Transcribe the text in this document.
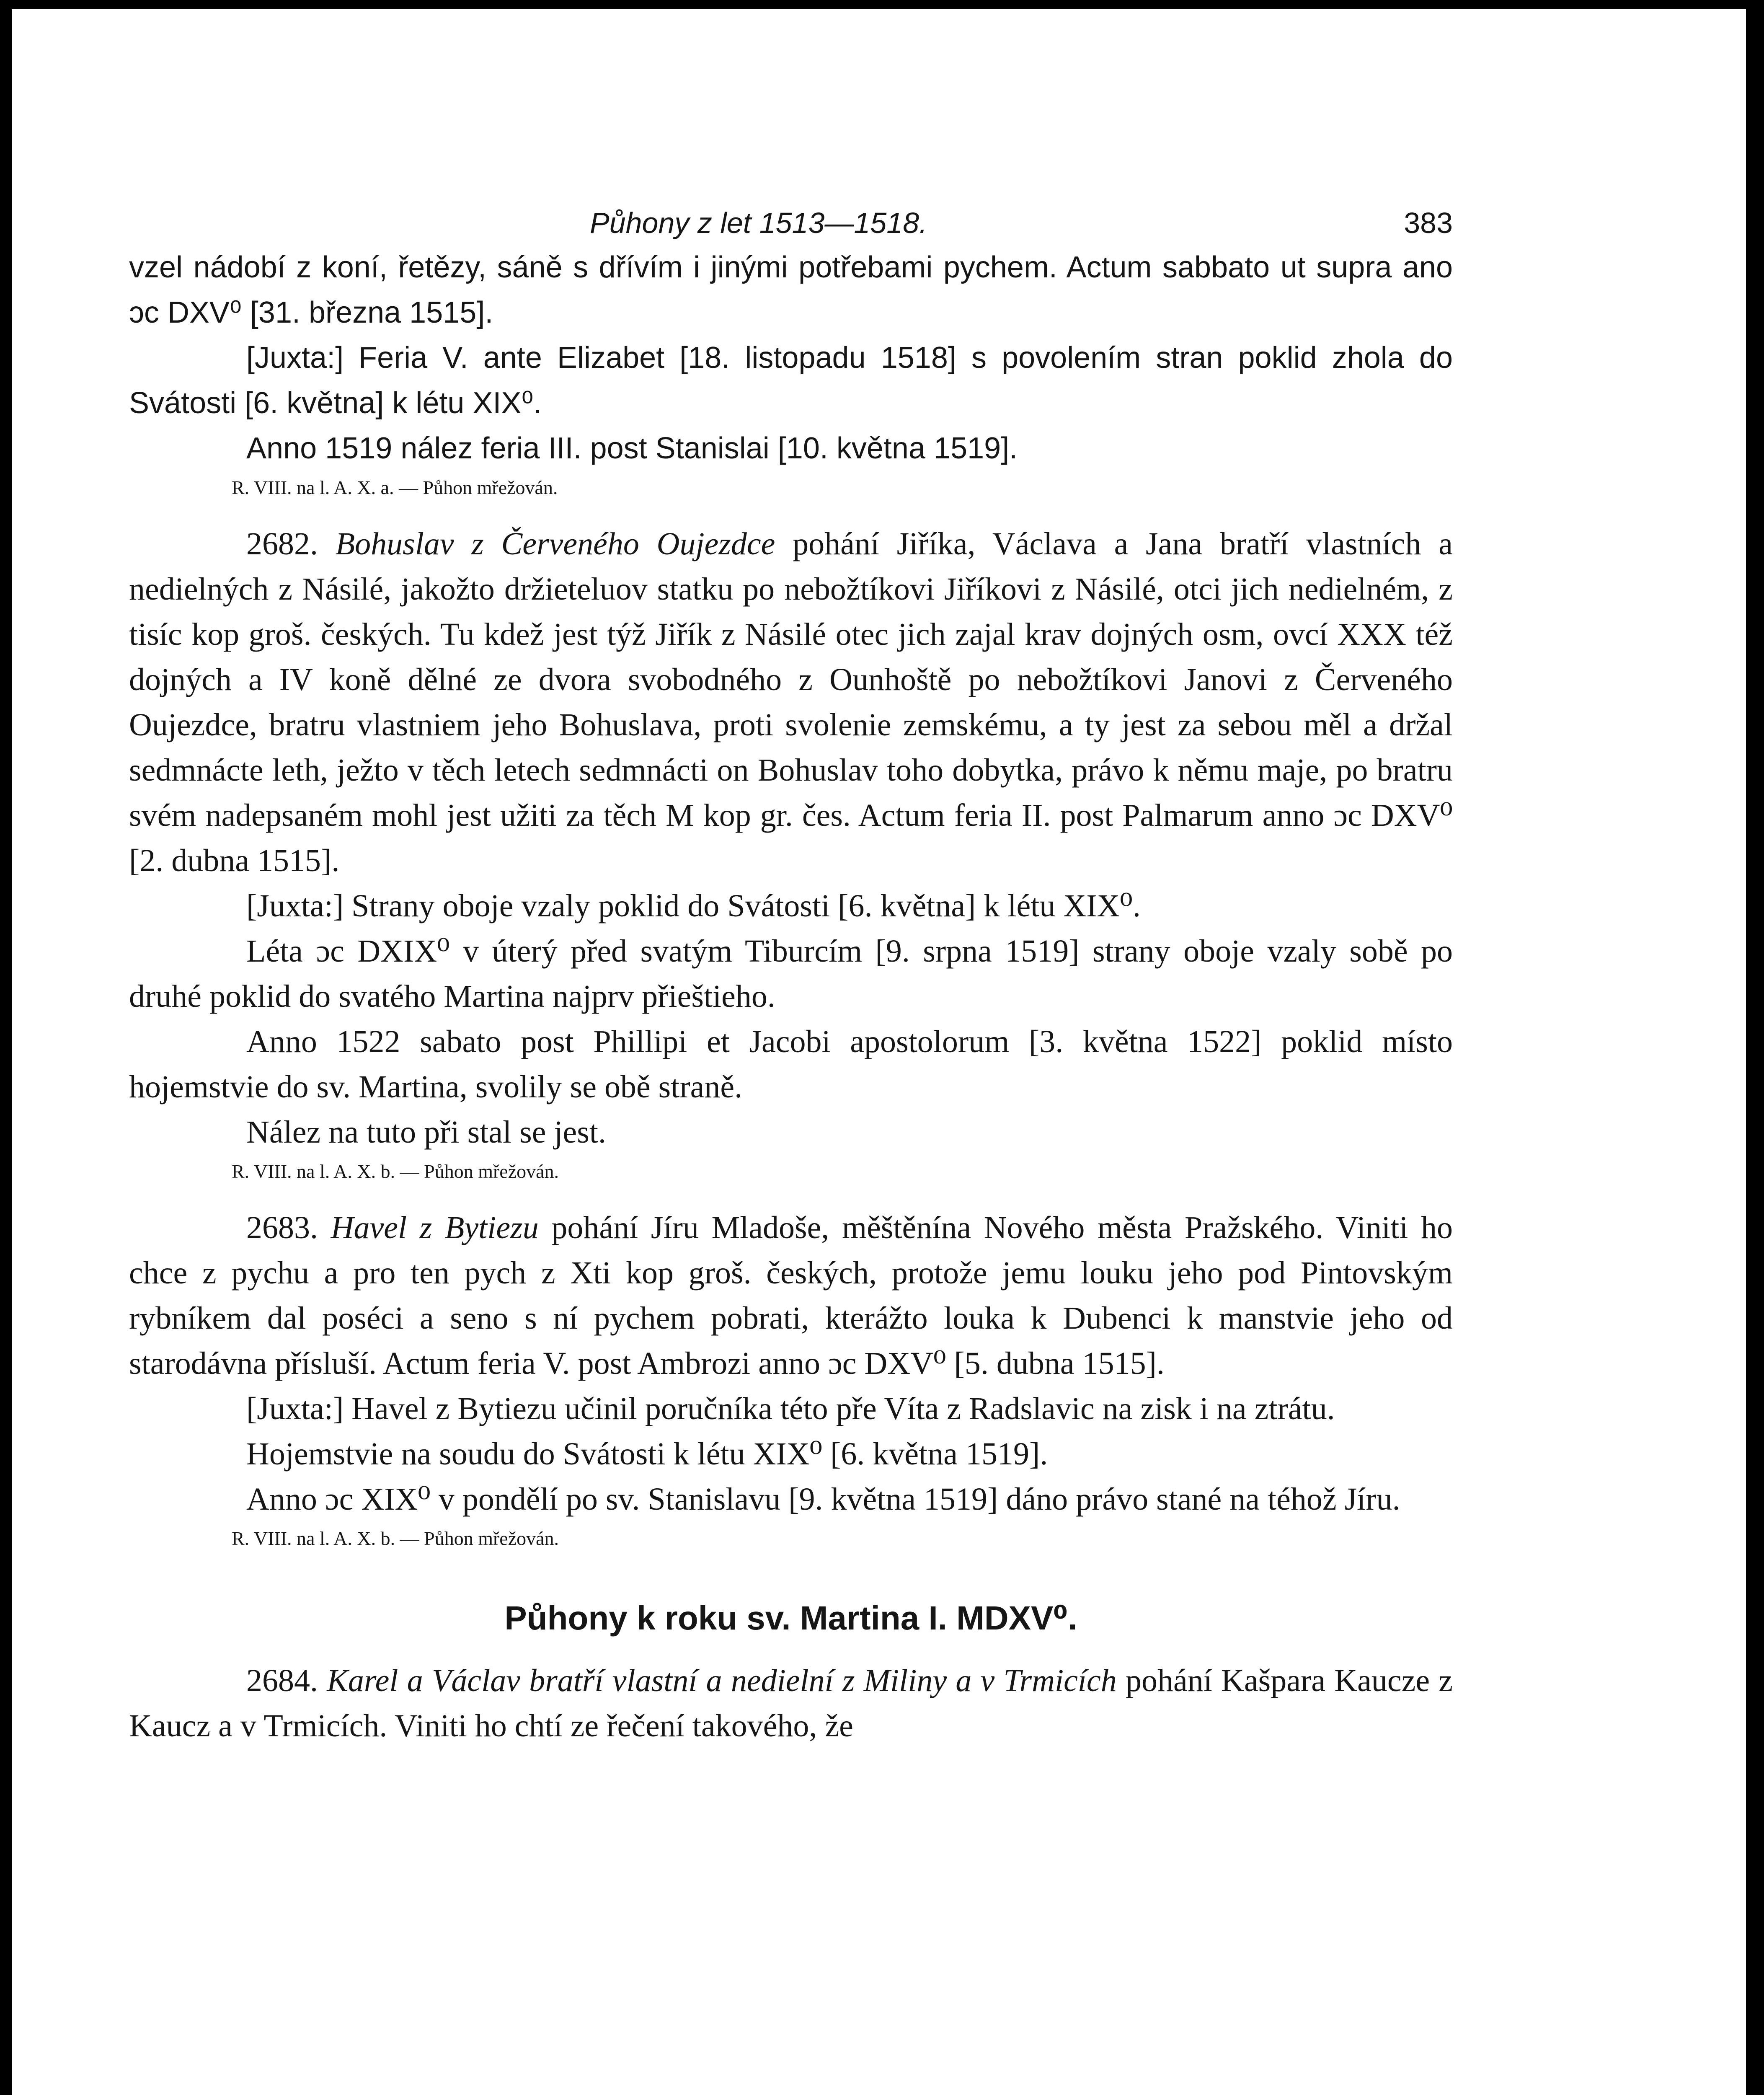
Půhony z let 1513—1518.	383

vzel nádobí z koní, řetězy, sáně s dřívím i jinými potřebami pychem. Actum sabbato ut supra ano ɔc DXV⁰ [31. března 1515].

[Juxta:] Feria V. ante Elizabet [18. listopadu 1518] s povolením stran poklid zhola do Svátosti [6. května] k létu XIX⁰.

Anno 1519 nález feria III. post Stanislai [10. května 1519].

R. VIII. na l. A. X. a. — Půhon mřežován.

2682. Bohuslav z Červeného Oujezdce pohání Jiříka, Václava a Jana bratří vlastních a nedielných z Násilé, jakožto držieteluov statku po nebožtíkovi Jiříkovi z Násilé, otci jich nedielném, z tisíc kop groš. českých. Tu kdež jest týž Jiřík z Násilé otec jich zajal krav dojných osm, ovcí XXX též dojných a IV koně dělné ze dvora svobodného z Ounhoště po nebožtíkovi Janovi z Červeného Oujezdce, bratru vlastniem jeho Bohuslava, proti svolenie zemskému, a ty jest za sebou měl a držal sedmnácte leth, ježto v těch letech sedmnácti on Bohuslav toho dobytka, právo k němu maje, po bratru svém nadepsaném mohl jest užiti za těch M kop gr. čes. Actum feria II. post Palmarum anno ɔc DXV⁰ [2. dubna 1515].

[Juxta:] Strany oboje vzaly poklid do Svátosti [6. května] k létu XIX⁰.

Léta ɔc DXIX⁰ v úterý před svatým Tiburcím [9. srpna 1519] strany oboje vzaly sobě po druhé poklid do svatého Martina najprv přieštieho.

Anno 1522 sabato post Phillipi et Jacobi apostolorum [3. května 1522] poklid místo hojemstvie do sv. Martina, svolily se obě straně.

Nález na tuto při stal se jest.

R. VIII. na l. A. X. b. — Půhon mřežován.

2683. Havel z Bytiezu pohání Jíru Mladoše, měštěnína Nového města Pražského. Viniti ho chce z pychu a pro ten pych z Xti kop groš. českých, protože jemu louku jeho pod Pintovským rybníkem dal poséci a seno s ní pychem pobrati, kterážto louka k Dubenci k manstvie jeho od starodávna přísluší. Actum feria V. post Ambrozi anno ɔc DXV⁰ [5. dubna 1515].

[Juxta:] Havel z Bytiezu učinil poručníka této pře Víta z Radslavic na zisk i na ztrátu.

Hojemstvie na soudu do Svátosti k létu XIX⁰ [6. května 1519].

Anno ɔc XIX⁰ v pondělí po sv. Stanislavu [9. května 1519] dáno právo stané na téhož Jíru.

R. VIII. na l. A. X. b. — Půhon mřežován.

Půhony k roku sv. Martina I. MDXV⁰.

2684. Karel a Václav bratří vlastní a nedielní z Miliny a v Trmicích pohání Kašpara Kaucze z Kaucz a v Trmicích. Viniti ho chtí ze řečení takového, že
